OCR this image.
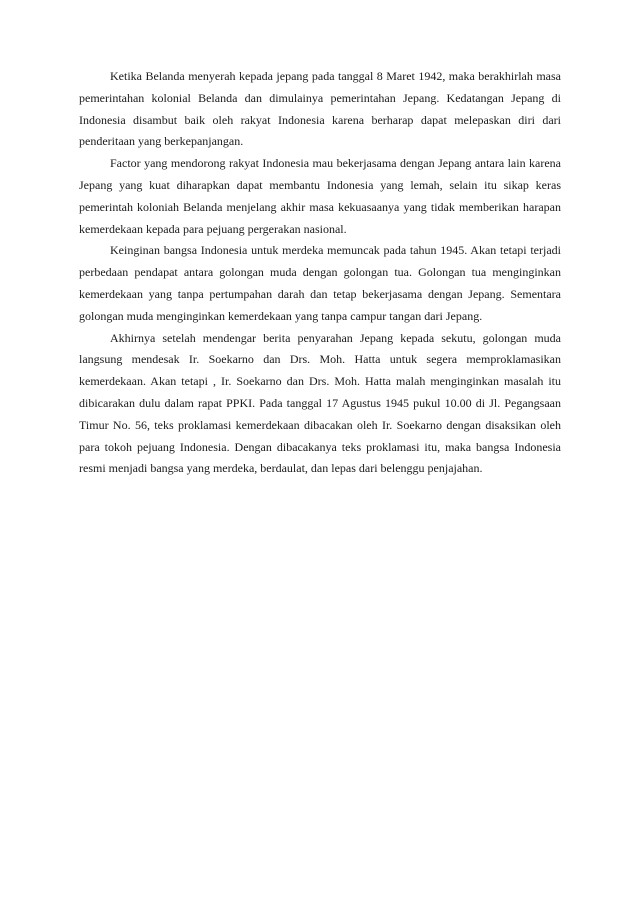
Ketika Belanda menyerah kepada jepang pada tanggal 8 Maret 1942, maka berakhirlah masa pemerintahan kolonial Belanda dan dimulainya pemerintahan Jepang. Kedatangan Jepang di Indonesia disambut baik oleh rakyat Indonesia karena berharap dapat melepaskan diri dari penderitaan yang berkepanjangan.

Factor yang mendorong rakyat Indonesia mau bekerjasama dengan Jepang antara lain karena Jepang yang kuat diharapkan dapat membantu Indonesia yang lemah, selain itu sikap keras pemerintah koloniah Belanda menjelang akhir masa kekuasaanya yang tidak memberikan harapan kemerdekaan kepada para pejuang pergerakan nasional.

Keinginan bangsa Indonesia untuk merdeka memuncak pada tahun 1945. Akan tetapi terjadi perbedaan pendapat antara golongan muda dengan golongan tua. Golongan tua menginginkan kemerdekaan yang tanpa pertumpahan darah dan tetap bekerjasama dengan Jepang. Sementara golongan muda menginginkan kemerdekaan yang tanpa campur tangan dari Jepang.

Akhirnya setelah mendengar berita penyarahan Jepang kepada sekutu, golongan muda langsung mendesak Ir. Soekarno dan Drs. Moh. Hatta untuk segera memproklamasikan kemerdekaan. Akan tetapi , Ir. Soekarno dan Drs. Moh. Hatta malah menginginkan masalah itu dibicarakan dulu dalam rapat PPKI. Pada tanggal 17 Agustus 1945 pukul 10.00 di Jl. Pegangsaan Timur No. 56, teks proklamasi kemerdekaan dibacakan oleh Ir. Soekarno dengan disaksikan oleh para tokoh pejuang Indonesia. Dengan dibacakanya teks proklamasi itu, maka bangsa Indonesia resmi menjadi bangsa yang merdeka, berdaulat, dan lepas dari belenggu penjajahan.
